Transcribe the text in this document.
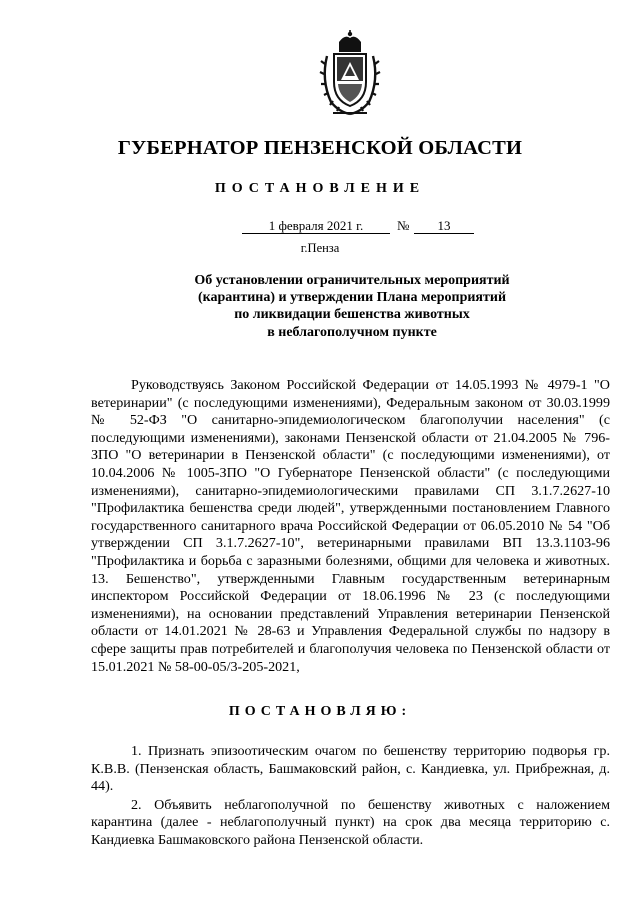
ГУБЕРНАТОР ПЕНЗЕНСКОЙ ОБЛАСТИ
ПОСТАНОВЛЕНИЕ
1 февраля 2021 г.	№	13
г.Пенза
Об установлении ограничительных мероприятий
(карантина) и утверждении Плана мероприятий
по ликвидации бешенства животных
в неблагополучном пункте

Руководствуясь Законом Российской Федерации от 14.05.1993 № 4979-1 "О ветеринарии" (с последующими изменениями), Федеральным законом от 30.03.1999 № 52-ФЗ "О санитарно-эпидемиологическом благополучии населения" (с последующими изменениями), законами Пензенской области от 21.04.2005 № 796-ЗПО "О ветеринарии в Пензенской области" (с последующими изменениями), от 10.04.2006 № 1005-ЗПО "О Губернаторе Пензенской области" (с последующими изменениями), санитарно-эпидемиологическими правилами СП 3.1.7.2627-10 "Профилактика бешенства среди людей", утвержденными постановлением Главного государственного санитарного врача Российской Федерации от 06.05.2010 № 54 "Об утверждении СП 3.1.7.2627-10", ветеринарными правилами ВП 13.3.1103-96 "Профилактика и борьба с заразными болезнями, общими для человека и животных. 13. Бешенство", утвержденными Главным государственным ветеринарным инспектором Российской Федерации от 18.06.1996 № 23 (с последующими изменениями), на основании представлений Управления ветеринарии Пензенской области от 14.01.2021 № 28-63 и Управления Федеральной службы по надзору в сфере защиты прав потребителей и благополучия человека по Пензенской области от 15.01.2021 № 58-00-05/3-205-2021,

ПОСТАНОВЛЯЮ:

1. Признать эпизоотическим очагом по бешенству территорию подворья гр. К.В.В. (Пензенская область, Башмаковский район, с. Кандиевка, ул. Прибрежная, д. 44).

2. Объявить неблагополучной по бешенству животных с наложением карантина (далее - неблагополучный пункт) на срок два месяца территорию с. Кандиевка Башмаковского района Пензенской области.
